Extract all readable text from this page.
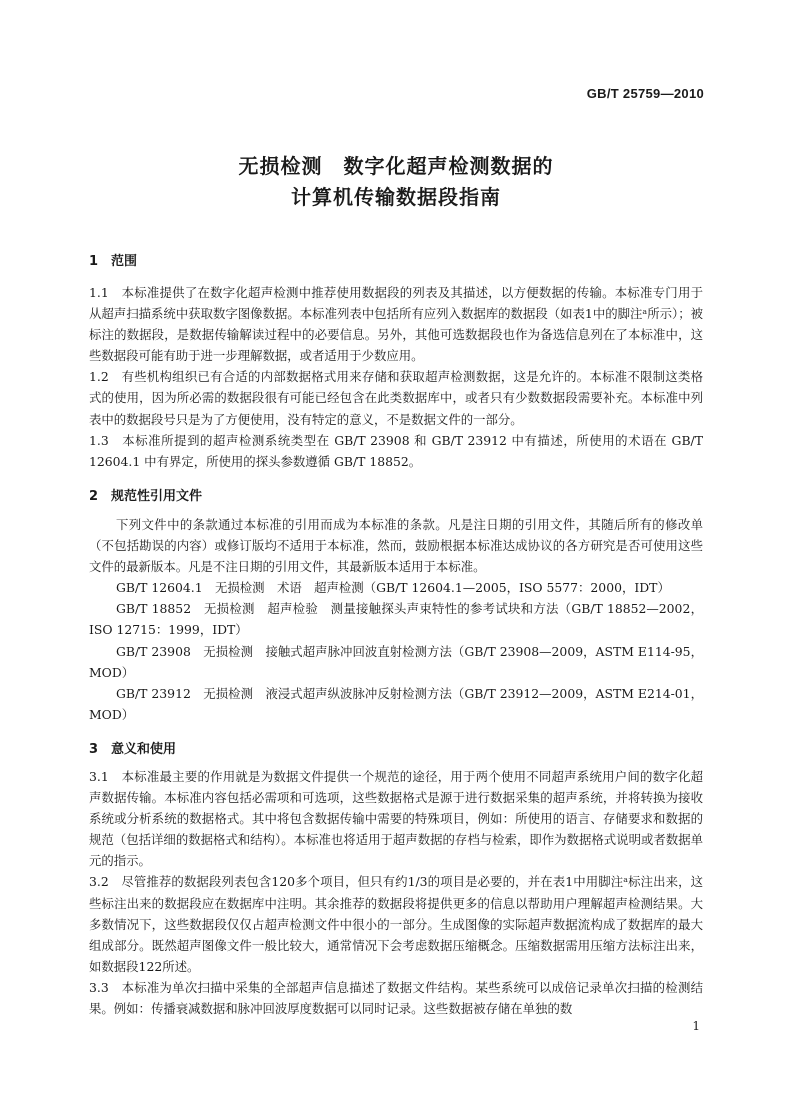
GB/T 25759—2010
无损检测　数字化超声检测数据的
计算机传输数据段指南
1 范围

1.1　本标准提供了在数字化超声检测中推荐使用数据段的列表及其描述，以方便数据的传输。本标准专门用于从超声扫描系统中获取数字图像数据。本标准列表中包括所有应列入数据库的数据段（如表1中的脚注ᵃ所示）；被标注的数据段，是数据传输解读过程中的必要信息。另外，其他可选数据段也作为备选信息列在了本标准中，这些数据段可能有助于进一步理解数据，或者适用于少数应用。

1.2　有些机构组织已有合适的内部数据格式用来存储和获取超声检测数据，这是允许的。本标准不限制这类格式的使用，因为所必需的数据段很有可能已经包含在此类数据库中，或者只有少数数据段需要补充。本标准中列表中的数据段号只是为了方便使用，没有特定的意义，不是数据文件的一部分。

1.3　本标准所提到的超声检测系统类型在 GB/T 23908 和 GB/T 23912 中有描述，所使用的术语在 GB/T 12604.1 中有界定，所使用的探头参数遵循 GB/T 18852。

2 规范性引用文件

下列文件中的条款通过本标准的引用而成为本标准的条款。凡是注日期的引用文件，其随后所有的修改单（不包括勘误的内容）或修订版均不适用于本标准，然而，鼓励根据本标准达成协议的各方研究是否可使用这些文件的最新版本。凡是不注日期的引用文件，其最新版本适用于本标准。

GB/T 12604.1　无损检测　术语　超声检测（GB/T 12604.1—2005，ISO 5577：2000，IDT）

GB/T 18852　无损检测　超声检验　测量接触探头声束特性的参考试块和方法（GB/T 18852—2002，ISO 12715：1999，IDT）

GB/T 23908　无损检测　接触式超声脉冲回波直射检测方法（GB/T 23908—2009，ASTM E114-95，MOD）

GB/T 23912　无损检测　液浸式超声纵波脉冲反射检测方法（GB/T 23912—2009，ASTM E214-01，MOD）

3 意义和使用

3.1　本标准最主要的作用就是为数据文件提供一个规范的途径，用于两个使用不同超声系统用户间的数字化超声数据传输。本标准内容包括必需项和可选项，这些数据格式是源于进行数据采集的超声系统，并将转换为接收系统或分析系统的数据格式。其中将包含数据传输中需要的特殊项目，例如：所使用的语言、存储要求和数据的规范（包括详细的数据格式和结构）。本标准也将适用于超声数据的存档与检索，即作为数据格式说明或者数据单元的指示。

3.2　尽管推荐的数据段列表包含120多个项目，但只有约1/3的项目是必要的，并在表1中用脚注ᵃ标注出来，这些标注出来的数据段应在数据库中注明。其余推荐的数据段将提供更多的信息以帮助用户理解超声检测结果。大多数情况下，这些数据段仅仅占超声检测文件中很小的一部分。生成图像的实际超声数据流构成了数据库的最大组成部分。既然超声图像文件一般比较大，通常情况下会考虑数据压缩概念。压缩数据需用压缩方法标注出来，如数据段122所述。

3.3　本标准为单次扫描中采集的全部超声信息描述了数据文件结构。某些系统可以成倍记录单次扫描的检测结果。例如：传播衰减数据和脉冲回波厚度数据可以同时记录。这些数据被存储在单独的数

1
